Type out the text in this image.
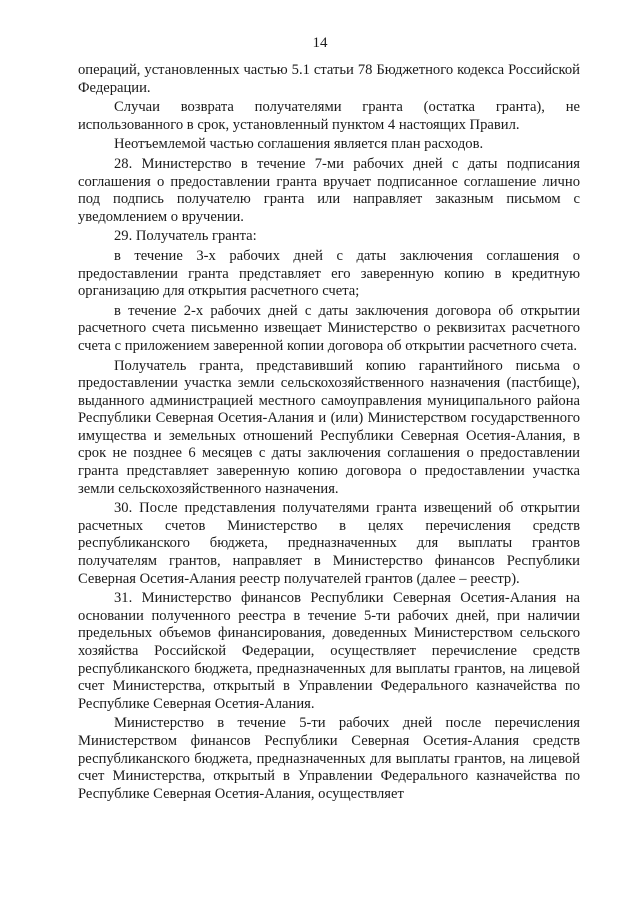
14

операций, установленных частью 5.1 статьи 78 Бюджетного кодекса Российской Федерации.

Случаи возврата получателями гранта (остатка гранта), не использованного в срок, установленный пунктом 4 настоящих Правил.

Неотъемлемой частью соглашения является план расходов.

28. Министерство в течение 7-ми рабочих дней с даты подписания соглашения о предоставлении гранта вручает подписанное соглашение лично под подпись получателю гранта или направляет заказным письмом с уведомлением о вручении.

29. Получатель гранта:

в течение 3-х рабочих дней с даты заключения соглашения о предоставлении гранта представляет его заверенную копию в кредитную организацию для открытия расчетного счета;

в течение 2-х рабочих дней с даты заключения договора об открытии расчетного счета письменно извещает Министерство о реквизитах расчетного счета с приложением заверенной копии договора об открытии расчетного счета.

Получатель гранта, представивший копию гарантийного письма о предоставлении участка земли сельскохозяйственного назначения (пастбище), выданного администрацией местного самоуправления муниципального района Республики Северная Осетия-Алания и (или) Министерством государственного имущества и земельных отношений Республики Северная Осетия-Алания, в срок не позднее 6 месяцев с даты заключения соглашения о предоставлении гранта представляет заверенную копию договора о предоставлении участка земли сельскохозяйственного назначения.

30. После представления получателями гранта извещений об открытии расчетных счетов Министерство в целях перечисления средств республиканского бюджета, предназначенных для выплаты грантов получателям грантов, направляет в Министерство финансов Республики Северная Осетия-Алания реестр получателей грантов (далее – реестр).

31. Министерство финансов Республики Северная Осетия-Алания на основании полученного реестра в течение 5-ти рабочих дней, при наличии предельных объемов финансирования, доведенных Министерством сельского хозяйства Российской Федерации, осуществляет перечисление средств республиканского бюджета, предназначенных для выплаты грантов, на лицевой счет Министерства, открытый в Управлении Федерального казначейства по Республике Северная Осетия-Алания.

Министерство в течение 5-ти рабочих дней после перечисления Министерством финансов Республики Северная Осетия-Алания средств республиканского бюджета, предназначенных для выплаты грантов, на лицевой счет Министерства, открытый в Управлении Федерального казначейства по Республике Северная Осетия-Алания, осуществляет
